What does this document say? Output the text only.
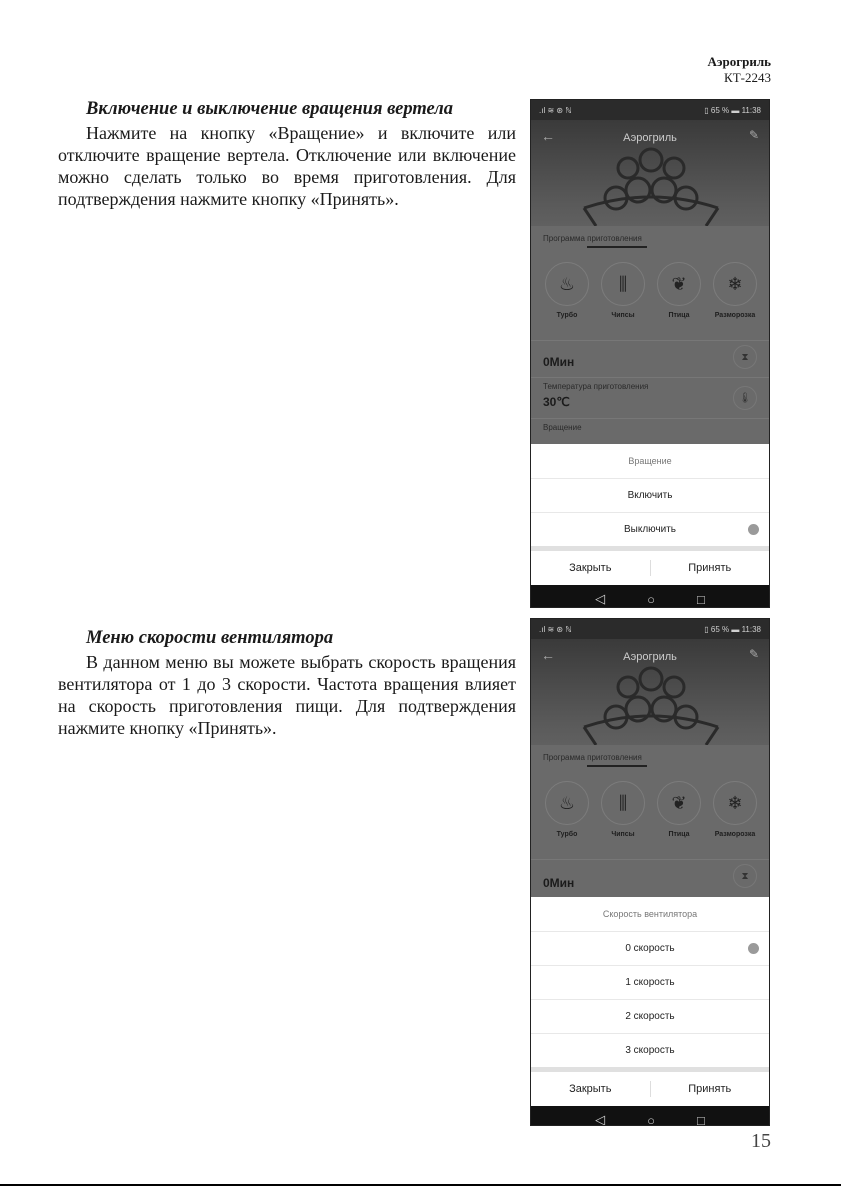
Аэрогриль
КТ-2243
Включение и выключение вращения вертела

Нажмите на кнопку «Вращение» и включите или отключите вращение вертела. Отключение или включение можно сделать только во время приготовления. Для подтверждения нажмите кнопку «Принять».

Меню скорости вентилятора

В данном меню вы можете выбрать скорость вращения вентилятора от 1 до 3 скорости. Частота вращения влияет на скорость приготовления пищи. Для подтверждения нажмите кнопку «Принять».

.ıl ≋ ⊛ ℕ	▯ 65 % ▬ 11:38
←	Аэрогриль	✎
Программа приготовления
♨
Турбо
⫼
Чипсы
❦
Птица
❄
Разморозка
⧗
0Мин
🌡
Температура приготовления
30℃
Вращение
Вращение
Включить
Выключить
Закрыть	Принять
◁	○	□
.ıl ≋ ⊛ ℕ	▯ 65 % ▬ 11:38
←	Аэрогриль	✎
Программа приготовления
♨
Турбо
⫼
Чипсы
❦
Птица
❄
Разморозка
⧗
0Мин
Скорость вентилятора
0 скорость
1 скорость
2 скорость
3 скорость
Закрыть	Принять
◁	○	□
15
